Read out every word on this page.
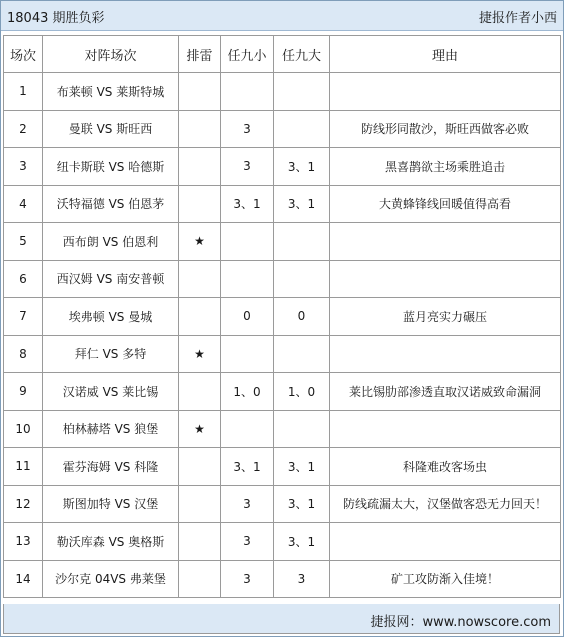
18043 期胜负彩	捷报作者小西
场次	对阵场次	排雷	任九小	任九大	理由
1	布莱顿 VS 莱斯特城				
2	曼联 VS 斯旺西		3		防线形同散沙，斯旺西做客必败
3	纽卡斯联 VS 哈德斯		3	3、1	黑喜鹊欲主场乘胜追击
4	沃特福德 VS 伯恩茅		3、1	3、1	大黄蜂锋线回暖值得高看
5	西布朗 VS 伯恩利	★			
6	西汉姆 VS 南安普顿				
7	埃弗顿 VS 曼城		0	0	蓝月亮实力碾压
8	拜仁 VS 多特	★			
9	汉诺威 VS 莱比锡		1、0	1、0	莱比锡肋部渗透直取汉诺威致命漏洞
10	柏林赫塔 VS 狼堡	★			
11	霍芬海姆 VS 科隆		3、1	3、1	科隆难改客场虫
12	斯图加特 VS 汉堡		3	3、1	防线疏漏太大，汉堡做客恐无力回天！
13	勒沃库森 VS 奥格斯		3	3、1	
14	沙尔克 04VS 弗莱堡		3	3	矿工攻防渐入佳境！
捷报网：www.nowscore.com
